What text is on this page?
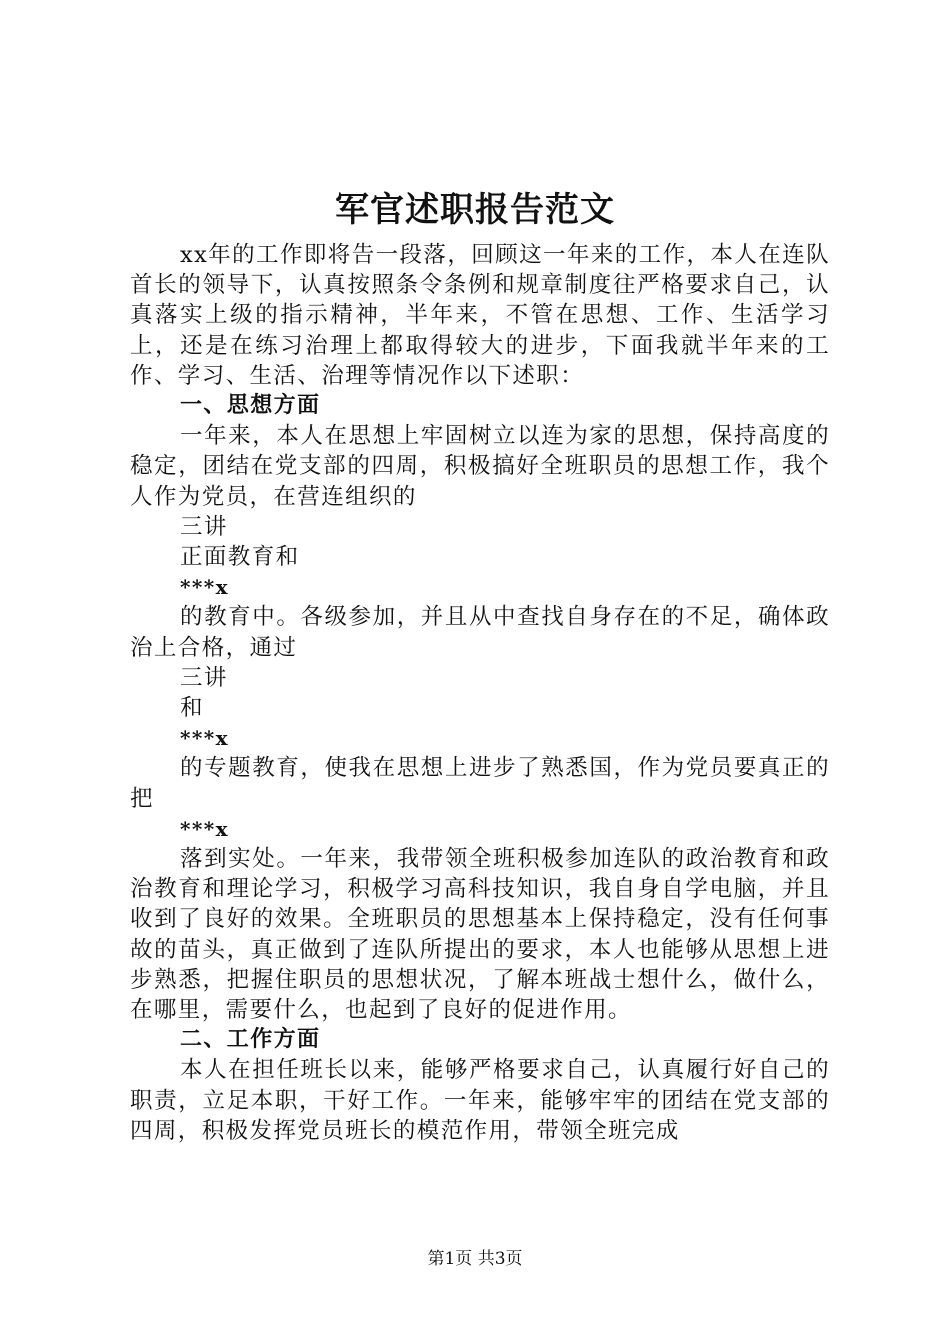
军官述职报告范文

xx年的工作即将告一段落，回顾这一年来的工作，本人在连队首长的领导下，认真按照条令条例和规章制度往严格要求自己，认真落实上级的指示精神，半年来，不管在思想、工作、生活学习上，还是在练习治理上都取得较大的进步，下面我就半年来的工作、学习、生活、治理等情况作以下述职：

一、思想方面

一年来，本人在思想上牢固树立以连为家的思想，保持高度的稳定，团结在党支部的四周，积极搞好全班职员的思想工作，我个人作为党员，在营连组织的

三讲

正面教育和

***x

的教育中。各级参加，并且从中查找自身存在的不足，确体政治上合格，通过

三讲

和

***x

的专题教育，使我在思想上进步了熟悉国，作为党员要真正的把

***x

落到实处。一年来，我带领全班积极参加连队的政治教育和政治教育和理论学习，积极学习高科技知识，我自身自学电脑，并且收到了良好的效果。全班职员的思想基本上保持稳定，没有任何事故的苗头，真正做到了连队所提出的要求，本人也能够从思想上进步熟悉，把握住职员的思想状况，了解本班战士想什么，做什么，在哪里，需要什么，也起到了良好的促进作用。

二、工作方面

本人在担任班长以来，能够严格要求自己，认真履行好自己的职责，立足本职，干好工作。一年来，能够牢牢的团结在党支部的四周，积极发挥党员班长的模范作用，带领全班完成

第1页 共3页
